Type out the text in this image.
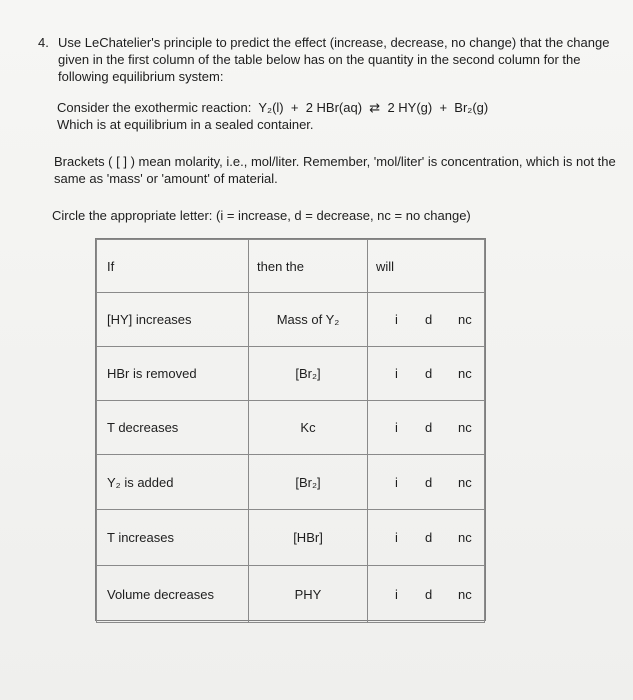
4. Use LeChatelier's principle to predict the effect (increase, decrease, no change) that the change given in the first column of the table below has on the quantity in the second column for the following equilibrium system:
Consider the exothermic reaction: Y₂(l) + 2 HBr(aq) ⇄ 2 HY(g) + Br₂(g)
Which is at equilibrium in a sealed container.
Brackets ( [ ] ) mean molarity, i.e., mol/liter. Remember, 'mol/liter' is concentration, which is not the same as 'mass' or 'amount' of material.
Circle the appropriate letter: (i = increase, d = decrease, nc = no change)
If	then the	will
[HY] increases	Mass of Y₂	i d nc

HBr is removed	[Br₂]	i d nc

T decreases	Kc	i d nc

Y₂ is added	[Br₂]	i d nc

T increases	[HBr]	i d nc

Volume decreases	PHY	i d nc
